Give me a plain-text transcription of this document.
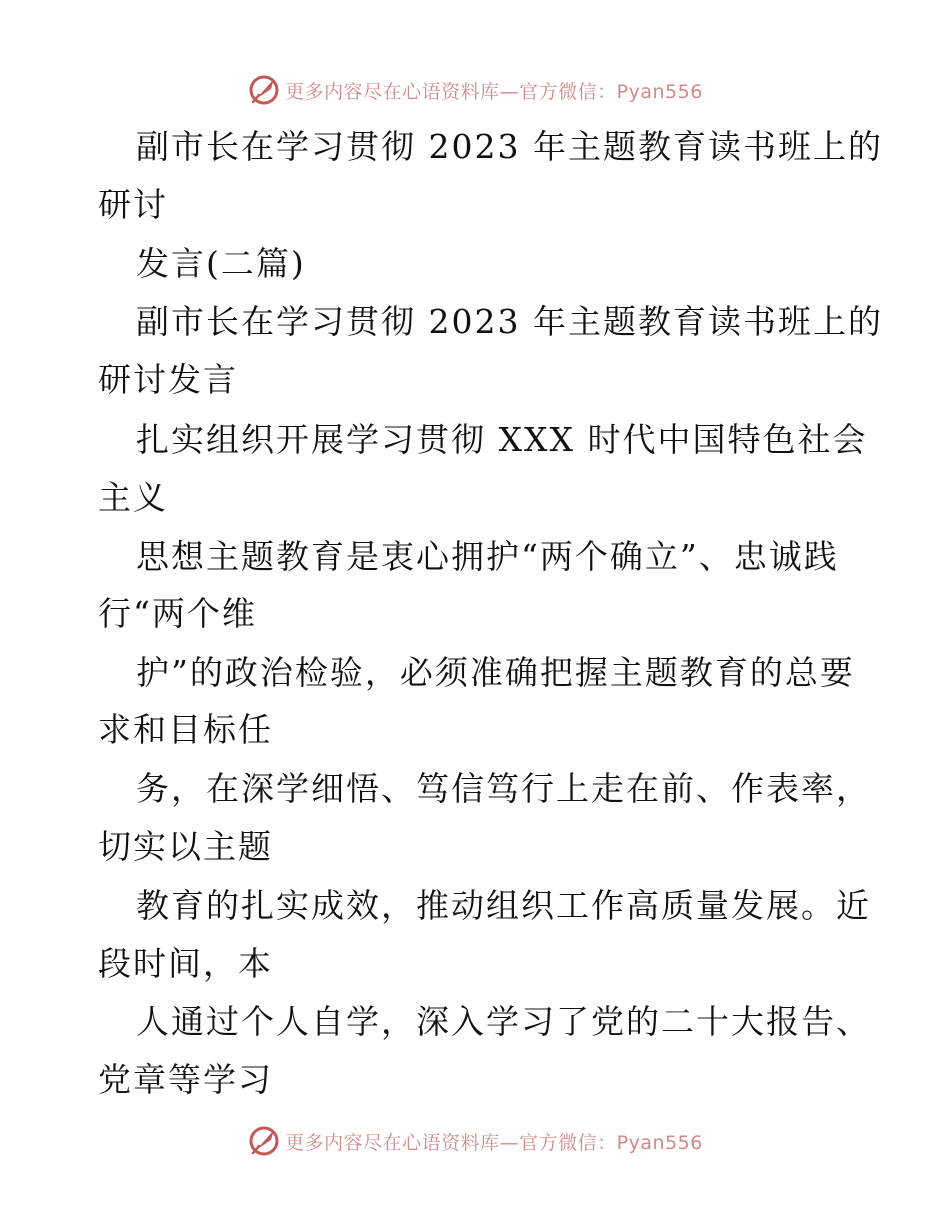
更多内容尽在心语资料库—官方微信：Pyan556
副市长在学习贯彻 2023 年主题教育读书班上的
研讨
发言(二篇)
副市长在学习贯彻 2023 年主题教育读书班上的
研讨发言
扎实组织开展学习贯彻 XXX 时代中国特色社会
主义
思想主题教育是衷心拥护“两个确立”、忠诚践
行“两个维
护”的政治检验，必须准确把握主题教育的总要
求和目标任
务，在深学细悟、笃信笃行上走在前、作表率，
切实以主题
教育的扎实成效，推动组织工作高质量发展。近
段时间，本
人通过个人自学，深入学习了党的二十大报告、
党章等学习
更多内容尽在心语资料库—官方微信：Pyan556
